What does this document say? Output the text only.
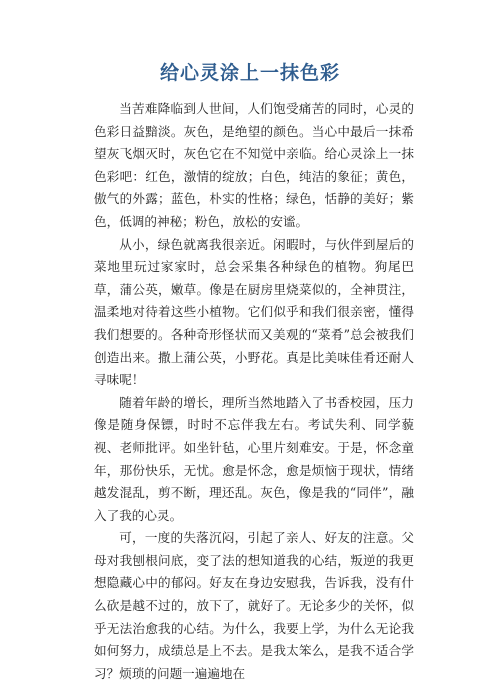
给心灵涂上一抹色彩

当苦难降临到人世间，人们饱受痛苦的同时，心灵的色彩日益黯淡。灰色，是绝望的颜色。当心中最后一抹希望灰飞烟灭时，灰色它在不知觉中亲临。给心灵涂上一抹色彩吧：红色，激情的绽放；白色，纯洁的象征；黄色，傲气的外露；蓝色，朴实的性格；绿色，恬静的美好；紫色，低调的神秘；粉色，放松的安谧。

从小，绿色就离我很亲近。闲暇时，与伙伴到屋后的菜地里玩过家家时，总会采集各种绿色的植物。狗尾巴草，蒲公英，嫩草。像是在厨房里烧菜似的，全神贯注，温柔地对待着这些小植物。它们似乎和我们很亲密，懂得我们想要的。各种奇形怪状而又美观的“菜肴”总会被我们创造出来。撒上蒲公英，小野花。真是比美味佳肴还耐人寻味呢！

随着年龄的增长，理所当然地踏入了书香校园，压力像是随身保镖，时时不忘伴我左右。考试失利、同学藐视、老师批评。如坐针毡，心里片刻难安。于是，怀念童年，那份快乐，无忧。愈是怀念，愈是烦恼于现状，情绪越发混乱，剪不断，理还乱。灰色，像是我的“同伴”，融入了我的心灵。

可，一度的失落沉闷，引起了亲人、好友的注意。父母对我刨根问底，变了法的想知道我的心结，叛逆的我更想隐藏心中的郁闷。好友在身边安慰我，告诉我，没有什么砍是越不过的，放下了，就好了。无论多少的关怀，似乎无法治愈我的心结。为什么，我要上学，为什么无论我如何努力，成绩总是上不去。是我太笨么，是我不适合学习？烦琐的问题一遍遍地在
